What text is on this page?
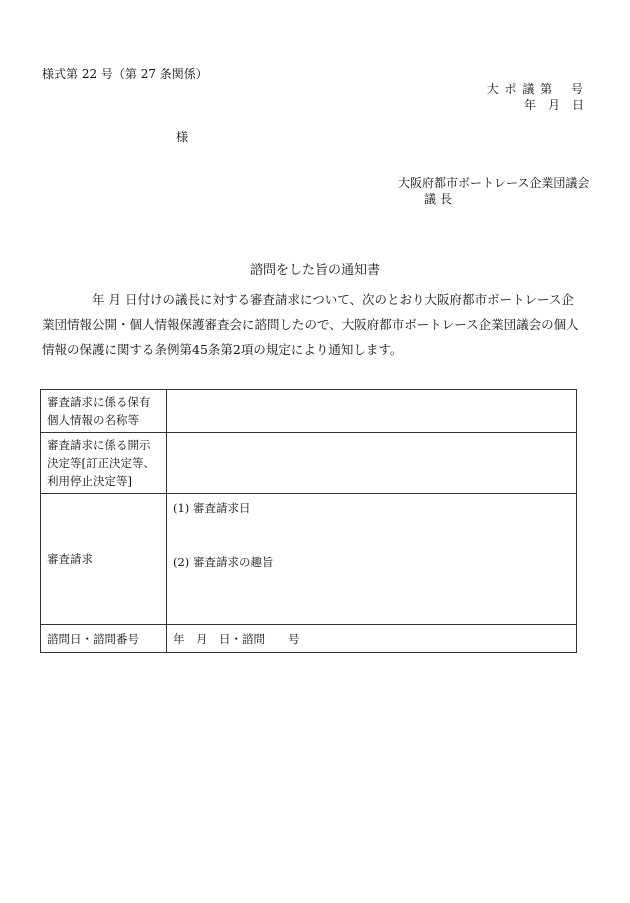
様式第 22 号（第 27 条関係）
大 ポ 議 第　 号
年　月　日
様
大阪府都市ボートレース企業団議会
議 長
諮問をした旨の通知書
年 月 日付けの議長に対する審査請求について、次のとおり大阪府都市ボートレース企業団情報公開・個人情報保護審査会に諮問したので、大阪府都市ボートレース企業団議会の個人情報の保護に関する条例第45条第2項の規定により通知します。
審査請求に係る保有個人情報の名称等	
審査請求に係る開示決定等[訂正決定等、利用停止決定等]	
審査請求	(1) 審査請求日
(2) 審査請求の趣旨

諮問日・諮問番号	年　月　日・諮問　　号
